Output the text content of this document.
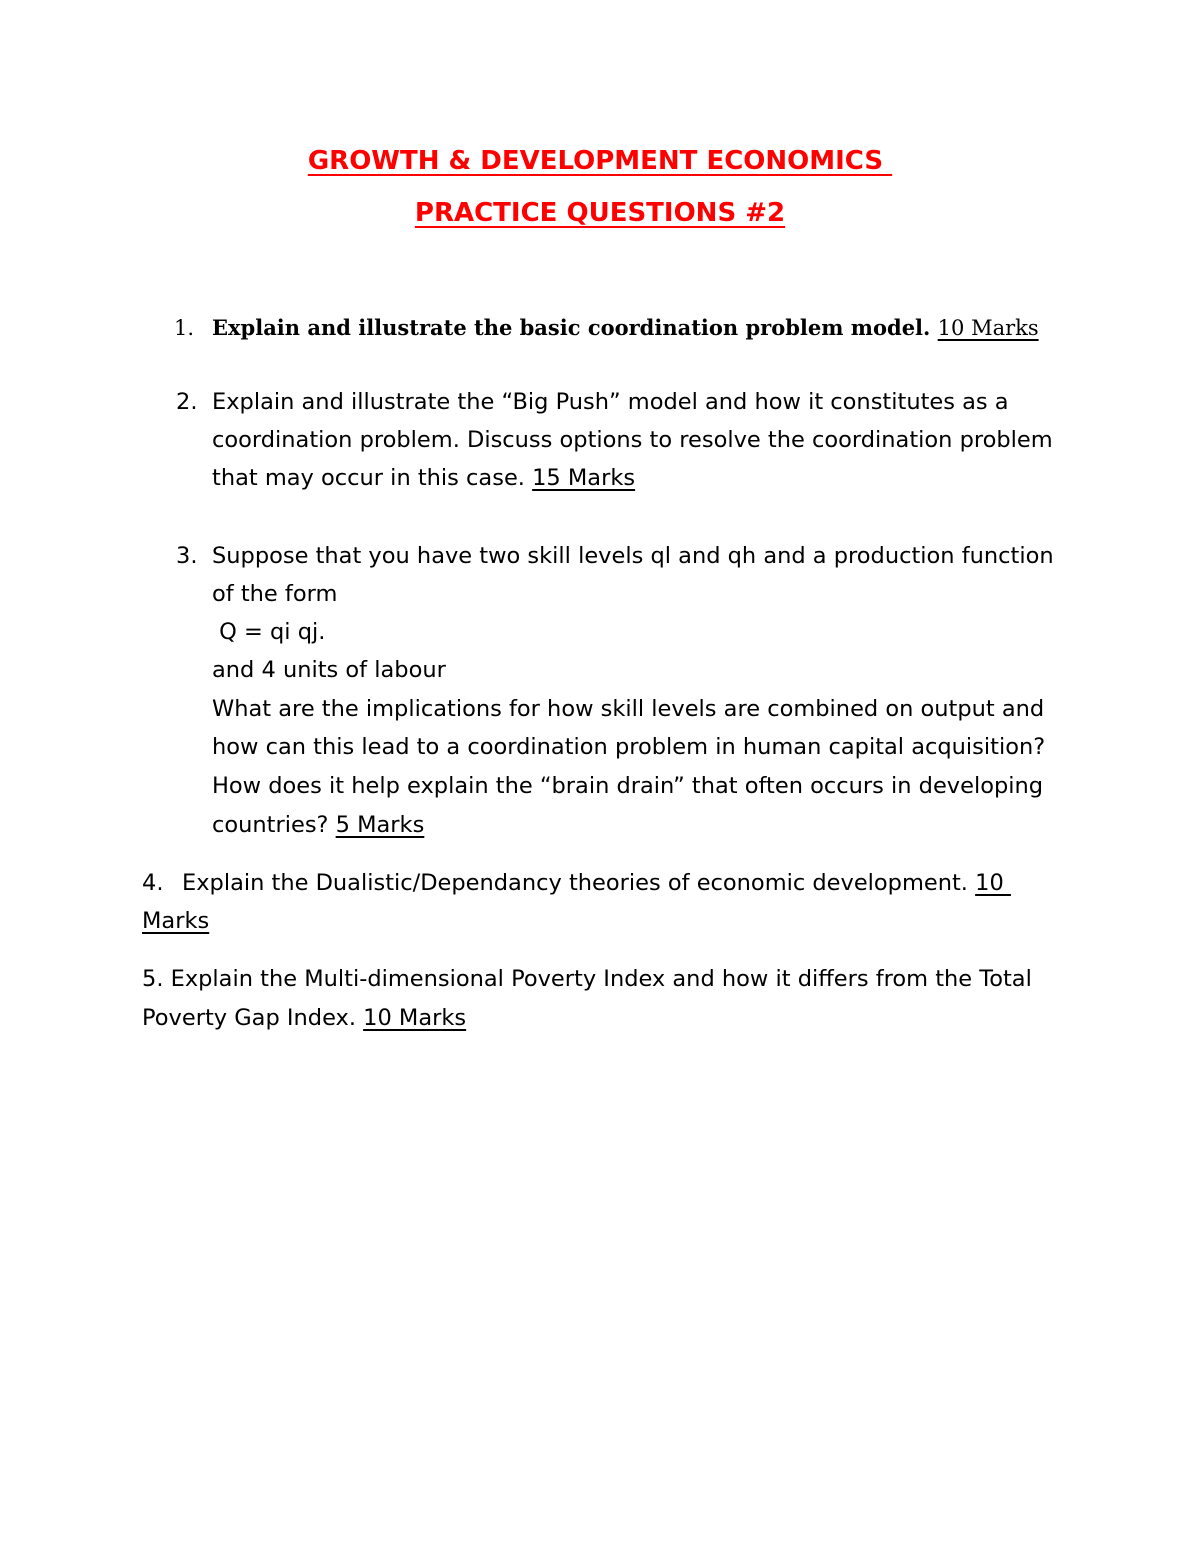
GROWTH & DEVELOPMENT ECONOMICS
PRACTICE QUESTIONS #2
1. Explain and illustrate the basic coordination problem model. 10 Marks
2. Explain and illustrate the “Big Push” model and how it constitutes as a
coordination problem. Discuss options to resolve the coordination problem
that may occur in this case. 15 Marks
3. Suppose that you have two skill levels ql and qh and a production function
of the form
Q = qi qj.
and 4 units of labour
What are the implications for how skill levels are combined on output and
how can this lead to a coordination problem in human capital acquisition?
How does it help explain the “brain drain” that often occurs in developing
countries? 5 Marks
4. Explain the Dualistic/Dependancy theories of economic development. 10
Marks
5. Explain the Multi-dimensional Poverty Index and how it differs from the Total
Poverty Gap Index. 10 Marks
